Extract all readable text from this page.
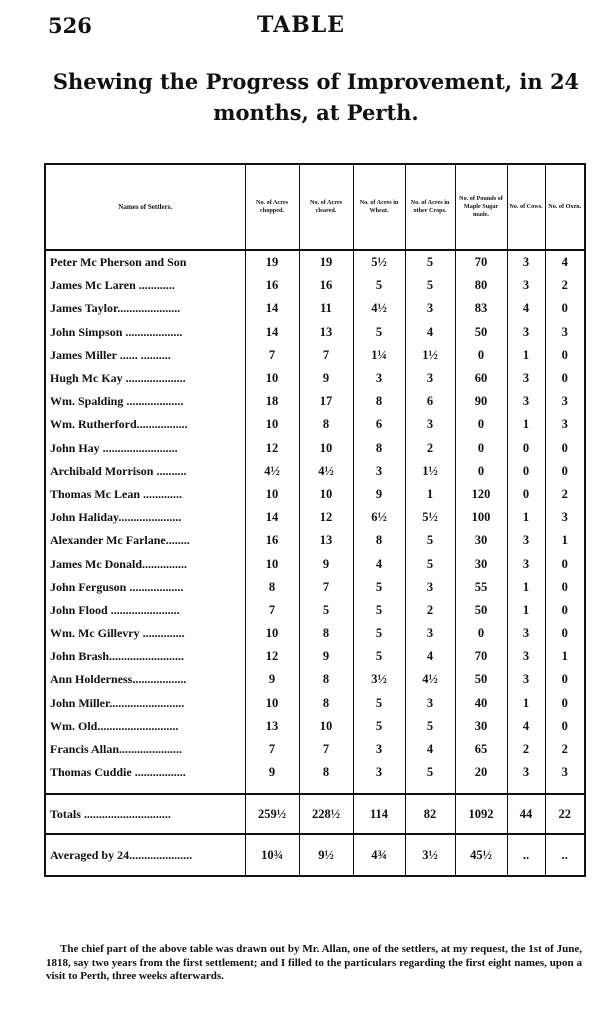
526	TABLE

Shewing the Progress of Improvement, in 24 months, at Perth.

Names of Settlers.	No. of Acres chopped.	No. of Acres cleared.	No. of Acres in Wheat.	No. of Acres in other Crops.	No. of Pounds of Maple Sugar made.	No. of Cows.	No. of Oxen.
Peter Mc Pherson and Son	19	19	5½	5	70	3	4
James Mc Laren ............	16	16	5	5	80	3	2
James Taylor.....................	14	11	4½	3	83	4	0
John Simpson ...................	14	13	5	4	50	3	3
James Miller ...... ..........	7	7	1¼	1½	0	1	0
Hugh Mc Kay ....................	10	9	3	3	60	3	0
Wm. Spalding ...................	18	17	8	6	90	3	3
Wm. Rutherford.................	10	8	6	3	0	1	3
John Hay .........................	12	10	8	2	0	0	0
Archibald Morrison ..........	4½	4½	3	1½	0	0	0
Thomas Mc Lean .............	10	10	9	1	120	0	2
John Haliday.....................	14	12	6½	5½	100	1	3
Alexander Mc Farlane........	16	13	8	5	30	3	1
James Mc Donald...............	10	9	4	5	30	3	0
John Ferguson ..................	8	7	5	3	55	1	0
John Flood .......................	7	5	5	2	50	1	0
Wm. Mc Gillevry ..............	10	8	5	3	0	3	0
John Brash.........................	12	9	5	4	70	3	1
Ann Holderness..................	9	8	3½	4½	50	3	0
John Miller.........................	10	8	5	3	40	1	0
Wm. Old...........................	13	10	5	5	30	4	0
Francis Allan.....................	7	7	3	4	65	2	2
Thomas Cuddie .................	9	8	3	5	20	3	3

Totals .............................	259½	228½	114	82	1092	44	22
Averaged by 24.....................	10¾	9½	4¾	3½	45½	..	..

The chief part of the above table was drawn out by Mr. Allan, one of the settlers, at my request, the 1st of June, 1818, say two years from the first settlement; and I filled to the particulars regarding the first eight names, upon a visit to Perth, three weeks afterwards.
